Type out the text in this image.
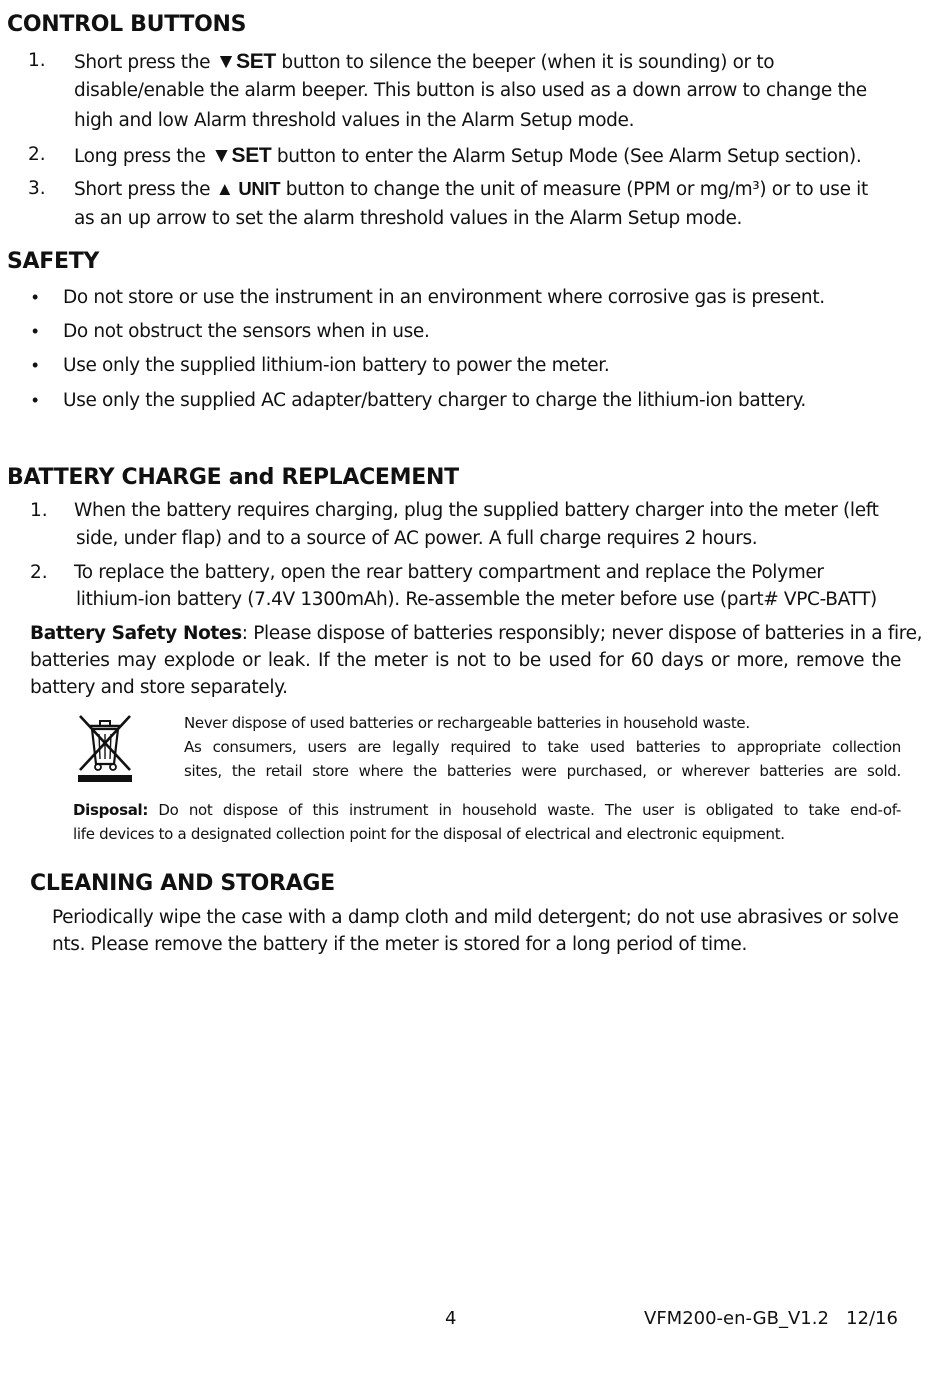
CONTROL BUTTONS
1. Short press the ▼SET button to silence the beeper (when it is sounding) or to
disable/enable the alarm beeper. This button is also used as a down arrow to change the
high and low Alarm threshold values in the Alarm Setup mode.
2. Long press the ▼SET button to enter the Alarm Setup Mode (See Alarm Setup section).
3. Short press the ▲ UNIT button to change the unit of measure (PPM or mg/m³) or to use it
as an up arrow to set the alarm threshold values in the Alarm Setup mode.
SAFETY
• Do not store or use the instrument in an environment where corrosive gas is present.
• Do not obstruct the sensors when in use.
• Use only the supplied lithium-ion battery to power the meter.
• Use only the supplied AC adapter/battery charger to charge the lithium-ion battery.
BATTERY CHARGE and REPLACEMENT
1. When the battery requires charging, plug the supplied battery charger into the meter (left
side, under flap) and to a source of AC power. A full charge requires 2 hours.
2. To replace the battery, open the rear battery compartment and replace the Polymer
lithium-ion battery (7.4V 1300mAh). Re-assemble the meter before use (part# VPC-BATT)
Battery Safety Notes: Please dispose of batteries responsibly; never dispose of batteries in a fire,
batteries may explode or leak. If the meter is not to be used for 60 days or more, remove the
battery and store separately.
Never dispose of used batteries or rechargeable batteries in household waste.
As consumers, users are legally required to take used batteries to appropriate collection
sites, the retail store where the batteries were purchased, or wherever batteries are sold.
Disposal: Do not dispose of this instrument in household waste. The user is obligated to take end-of-
life devices to a designated collection point for the disposal of electrical and electronic equipment.
CLEANING AND STORAGE
Periodically wipe the case with a damp cloth and mild detergent; do not use abrasives or solve
nts. Please remove the battery if the meter is stored for a long period of time.
4	VFM200-en-GB_V1.2   12/16
